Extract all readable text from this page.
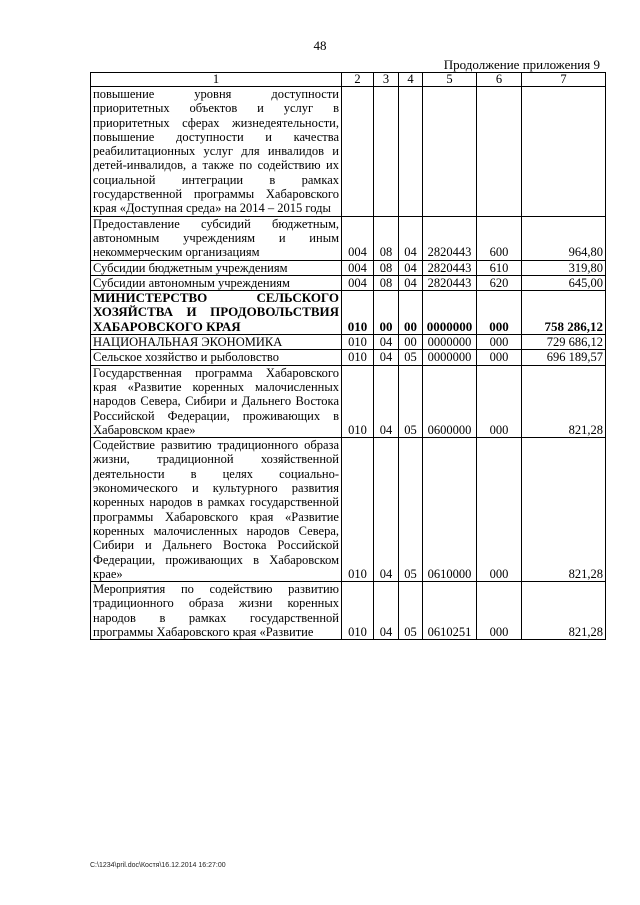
48
Продолжение приложения 9
1	2	3	4	5	6	7
повышение уровня доступности приоритетных объектов и услуг в приоритетных сферах жизнедеятельности, повышение доступности и качества реабилитационных услуг для инвалидов и детей-инвалидов, а также по содействию их социальной интеграции в рамках государственной программы Хабаровского края «Доступная среда» на 2014 – 2015 годы						
Предоставление субсидий бюджетным, автономным учреждениям и иным некоммерческим организациям	004	08	04	2820443	600	964,80
Субсидии бюджетным учреждениям	004	08	04	2820443	610	319,80
Субсидии автономным учреждениям	004	08	04	2820443	620	645,00
МИНИСТЕРСТВО СЕЛЬСКОГО ХОЗЯЙСТВА И ПРОДОВОЛЬСТВИЯ ХАБАРОВСКОГО КРАЯ	010	00	00	0000000	000	758 286,12
НАЦИОНАЛЬНАЯ ЭКОНОМИКА	010	04	00	0000000	000	729 686,12
Сельское хозяйство и рыболовство	010	04	05	0000000	000	696 189,57
Государственная программа Хабаровского края «Развитие коренных малочисленных народов Севера, Сибири и Дальнего Востока Российской Федерации, проживающих в Хабаровском крае»	010	04	05	0600000	000	821,28
Содействие развитию традиционного образа жизни, традиционной хозяйственной деятельности в целях социально-экономического и культурного развития коренных народов в рамках государственной программы Хабаровского края «Развитие коренных малочисленных народов Севера, Сибири и Дальнего Востока Российской Федерации, проживающих в Хабаровском крае»	010	04	05	0610000	000	821,28
Мероприятия по содействию развитию традиционного образа жизни коренных народов в рамках государственной программы Хабаровского края «Развитие	010	04	05	0610251	000	821,28
C:\1234\pril.doc\Костя\16.12.2014 16:27:00
